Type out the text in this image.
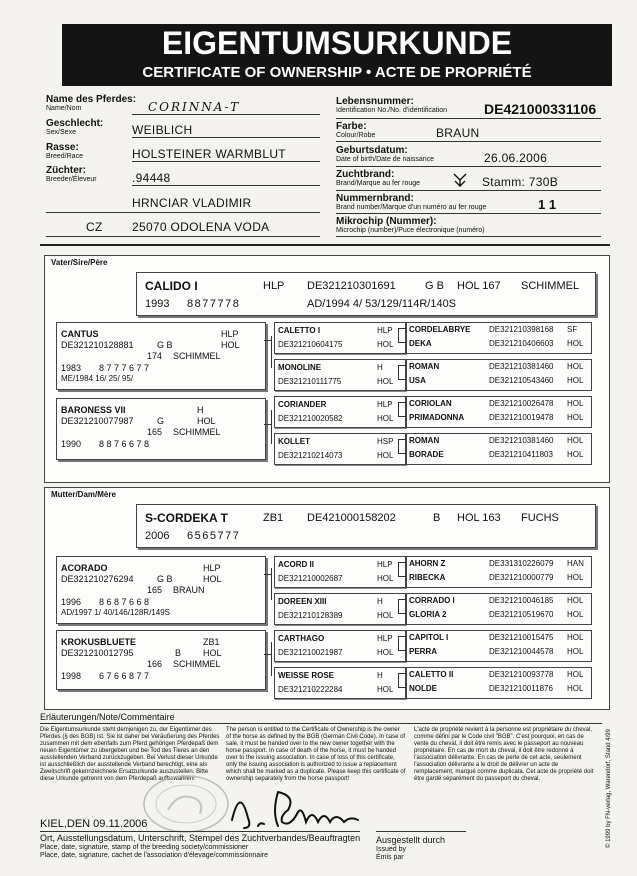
EIGENTUMSURKUNDE
CERTIFICATE OF OWNERSHIP • ACTE DE PROPRIÉTÉ
Name des Pferdes:
Name/Nom	CORINNA-T
Geschlecht:
Sex/Sexe	WEIBLICH
Rasse:
Breed/Race	HOLSTEINER WARMBLUT
Züchter:
Breeder/Éleveur	.94448
HRNCIAR VLADIMIR
CZ 25070 ODOLENA VODA
Lebensnummer:
Identification No./No. d'identification	DE421000331106
Farbe:
Colour/Robe	BRAUN
Geburtsdatum:
Date of birth/Date de naissance	26.06.2006
Zuchtbrand:
Brand/Marque au fer rouge	Stamm: 730B
Nummernbrand:
Brand number/Marque d'un numéro au fer rouge	1 1
Mikrochip (Nummer):
Microchip (number)/Puce électronique (numéro)
Vater/Sire/Père
CALIDO I	HLP DE321210301691	G B HOL 167 SCHIMMEL
1993 8877778	AD/1994 4/ 53/129/114R/140S
CANTUS	HLP
DE321210128881	G B	HOL
174 SCHIMMEL
1983 8 7 7 7 6 7 7
ME/1984 16/ 25/ 95/
BARONESS VII	H
DE321210077987	G	HOL
165 SCHIMMEL
1990 8 8 7 6 6 7 8
CALETTO I	HLP
DE321210604175	HOL
CORDELABRYE DE321210398168 SF
DEKA	DE321210406603 HOL
MONOLINE	H
DE321210111775	HOL
ROMAN	DE321210381460 HOL
USA	DE321210543460 HOL
CORIANDER	HLP
DE321210020582	HOL
CORIOLAN	DE321210026478 HOL
PRIMADONNA	DE321210019478 HOL
KOLLET	HSP
DE321210214073	HOL
ROMAN	DE321210381460 HOL
BORADE	DE321210411803 HOL
Mutter/Dam/Mère
S-CORDEKA T	ZB1 DE421000158202	B HOL 163 FUCHS
2006 6565777
ACORADO	HLP
DE321210276294	G B	HOL
165 BRAUN
1996 8 6 8 7 6 6 8
AD/1997 1/ 40/146/128R/149S
KROKUSBLUETE	ZB1
DE321210012795	B HOL
166 SCHIMMEL
1998 6 7 6 6 8 7 7
ACORD II	HLP
DE321210002687	HOL
AHORN Z	DE331310226079 HAN
RIBECKA	DE321210000779 HOL
DOREEN XIII	H
DE321210128389	HOL
CORRADO I	DE321210046185 HOL
GLORIA 2	DE321210519670 HOL
CARTHAGO	HLP
DE321210021987	HOL
CAPITOL I	DE321210015475 HOL
PERRA	DE321210044578 HOL
WEISSE ROSE	H
DE321210222284	HOL
CALETTO II	DE321210093778 HOL
NOLDE	DE321210011876 HOL
Erläuterungen/Note/Commentaire
Die Eigentumsurkunde steht demjenigen zu, der Eigentümer des Pferdes (§ des BGB) ist. Sie ist daher bei Veräußerung des Pferdes zusammen mit dem ebenfalls zum Pferd gehörigen Pferdepaß dem neuen Eigentümer zu übergeben und bei Tod des Tieres an den ausstellenden Verband zurückzugeben. Bei Verlust dieser Urkunde ist ausschließlich der ausstellende Verband berechtigt, eine als Zweitschrift gekennzeichnete Ersatzurkunde auszustellen. Bitte diese Urkunde getrennt von dem Pferdepaß aufbewahren!
The person is entitled to the Certificate of Ownership is the owner of the horse as defined by the BGB (German Civil Code). In case of sale, it must be handed over to the new owner together with the horse passport. In case of death of the horse, it must be handed over to the issuing association. In case of loss of this certificate, only the issuing association is authorized to issue a replacement which shall be marked as a duplicate. Please keep this certificate of ownership separately from the horse passport!
L'acte de propriété revient à la personne est propriétaire du cheval, comme défini par le Code civil "BGB". C'est pourquoi, en cas de vente du cheval, il doit être remis avec le passeport au nouveau propriétaire. En cas de mort du cheval, il doit être redonné à l'association délivrante. En cas de perte de cet acte, seulement l'association délivrante a le droit de délivrer un acte de remplacement, marqué comme duplicata. Cet acte de propriété doit être gardé séparément du passeport du cheval.
KIEL,DEN 09.11.2006
Ort, Ausstellungsdatum, Unterschrift, Stempel des Zuchtverbandes/Beauftragten
Place, date, signature, stamp of the breeding society/commissioner
Place, date, signature, cachet de l'association d'élevage/commissionnaire
Ausgestellt durch
Issued by
Émis par
© 1999 by FN-verlag, Warendorf, Stand 4/99
